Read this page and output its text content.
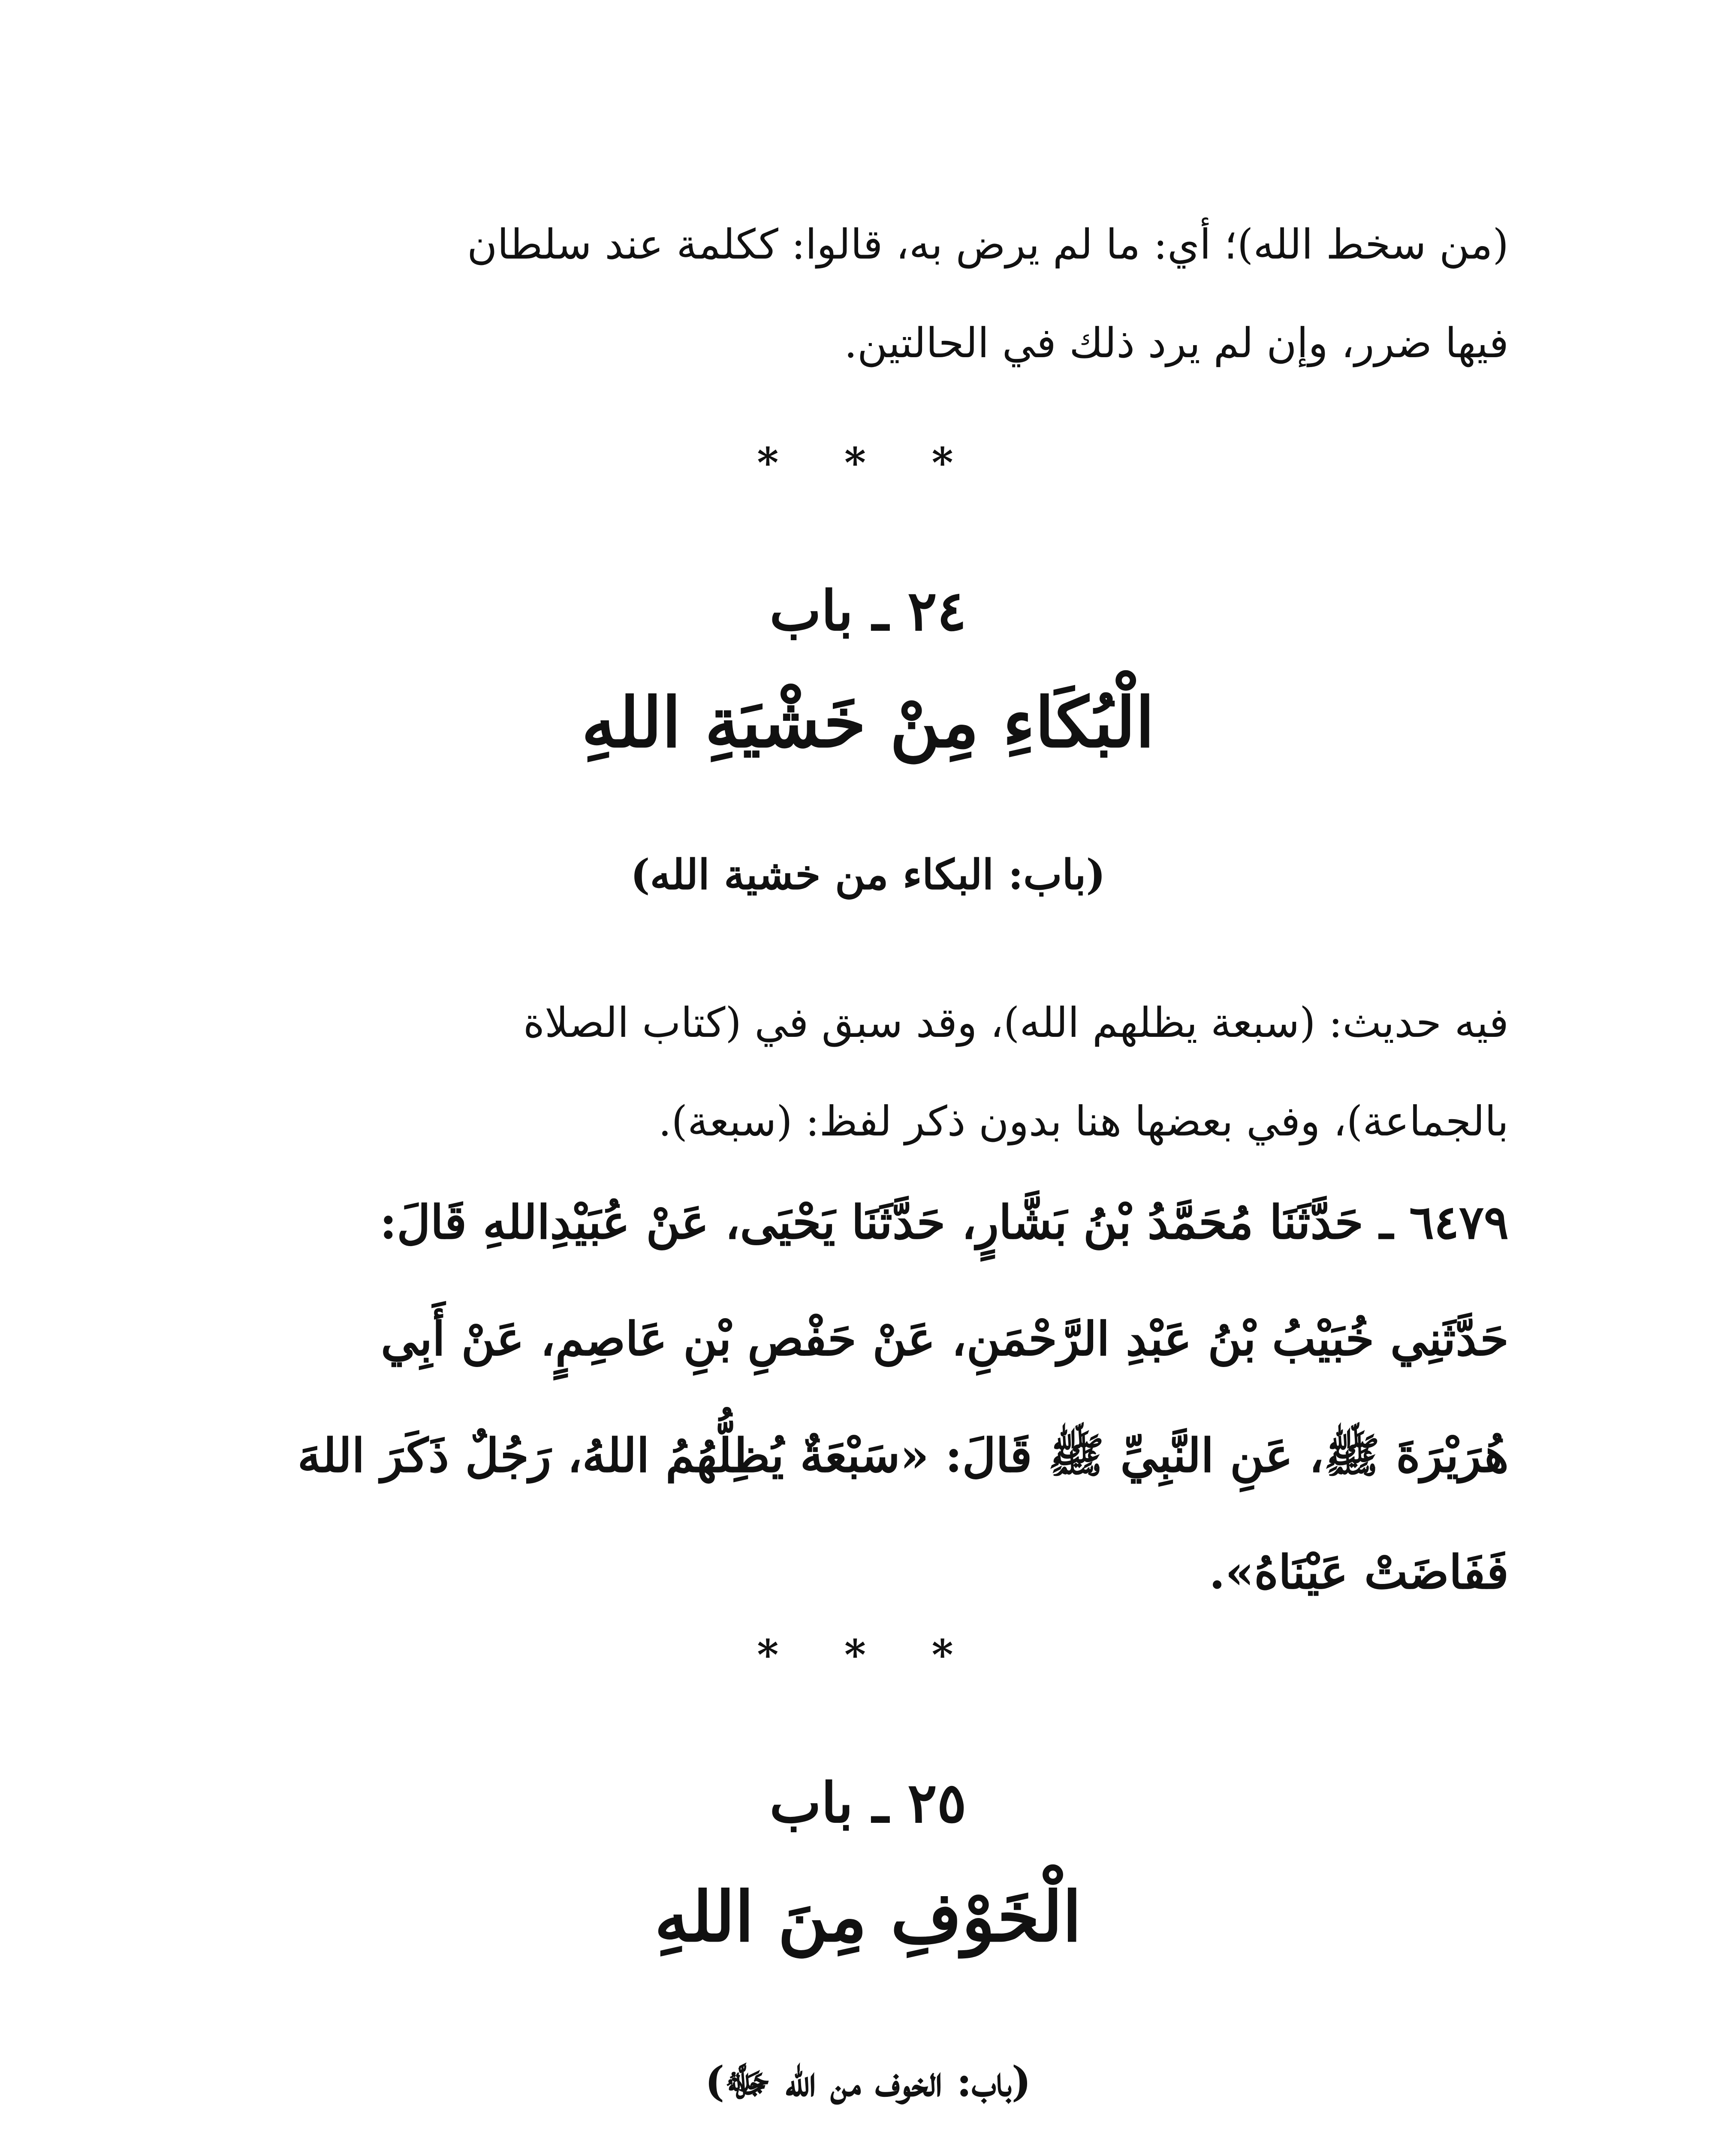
(من سخط الله)؛ أي: ما لم يرض به، قالوا: ككلمة عند سلطان
فيها ضرر، وإن لم يرد ذلك في الحالتين.
* * *
٢٤ ـ باب
الْبُكَاءِ مِنْ خَشْيَةِ اللهِ
(باب: البكاء من خشية الله)
فيه حديث: (سبعة يظلهم الله)، وقد سبق في (كتاب الصلاة
بالجماعة)، وفي بعضها هنا بدون ذكر لفظ: (سبعة).
٦٤٧٩ ـ حَدَّثَنَا مُحَمَّدُ بْنُ بَشَّارٍ، حَدَّثَنَا يَحْيَى، عَنْ عُبَيْدِاللهِ قَالَ:
حَدَّثَنِي خُبَيْبُ بْنُ عَبْدِ الرَّحْمَنِ، عَنْ حَفْصِ بْنِ عَاصِمٍ، عَنْ أَبِي
هُرَيْرَةَ ﷺ، عَنِ النَّبِيِّ ﷺ قَالَ: «سَبْعَةٌ يُظِلُّهُمُ اللهُ، رَجُلٌ ذَكَرَ اللهَ
فَفَاضَتْ عَيْنَاهُ».
* * *
٢٥ ـ باب
الْخَوْفِ مِنَ اللهِ
(باب: الخوف من الله ﷻ)
